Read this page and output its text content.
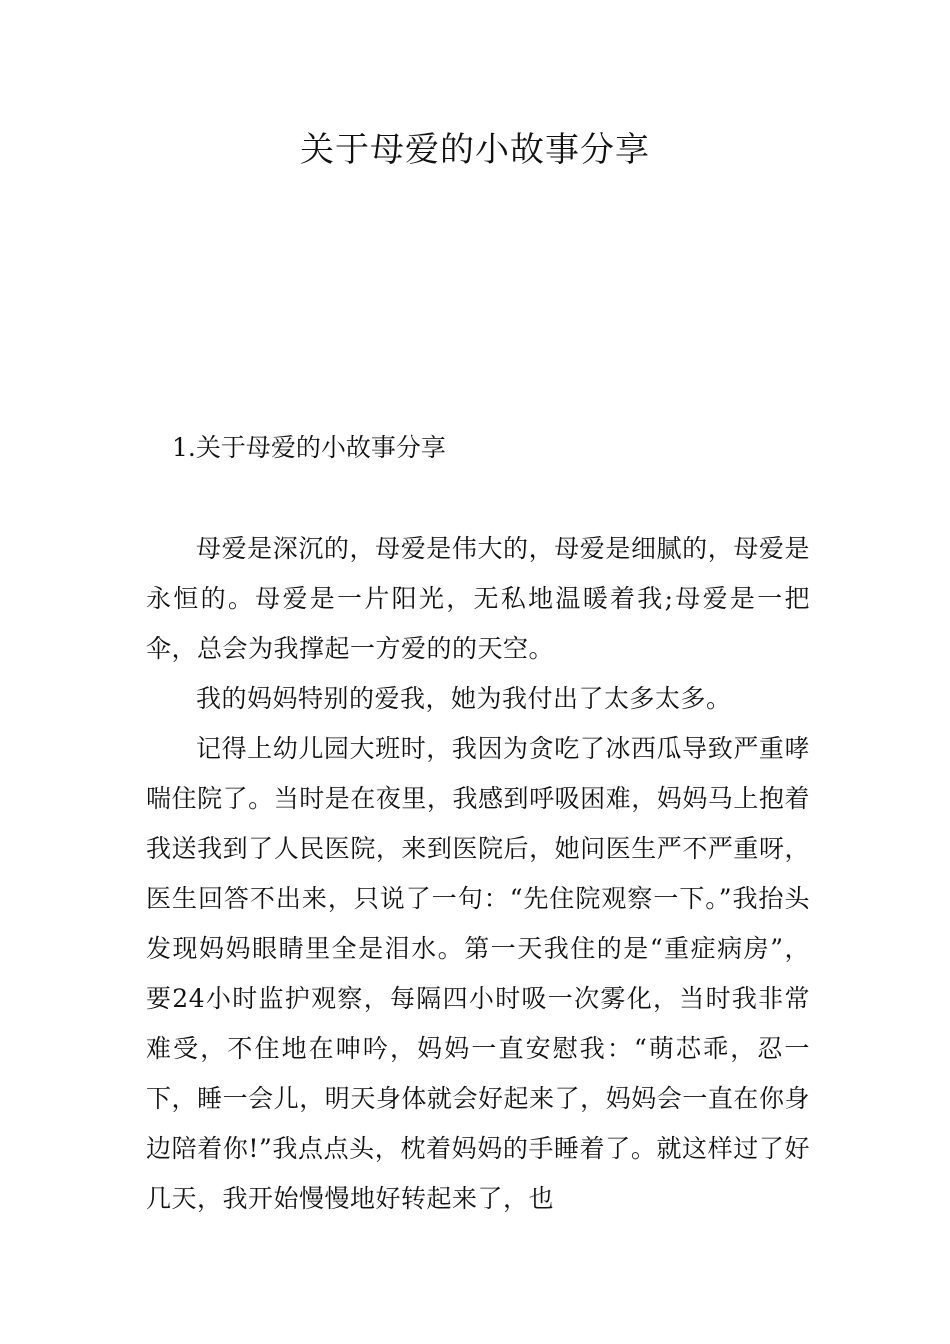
关于母爱的小故事分享
1.关于母爱的小故事分享

母爱是深沉的，母爱是伟大的，母爱是细腻的，母爱是永恒的。母爱是一片阳光，无私地温暖着我;母爱是一把伞，总会为我撑起一方爱的的天空。

我的妈妈特别的爱我，她为我付出了太多太多。

记得上幼儿园大班时，我因为贪吃了冰西瓜导致严重哮喘住院了。当时是在夜里，我感到呼吸困难，妈妈马上抱着我送我到了人民医院，来到医院后，她问医生严不严重呀，医生回答不出来，只说了一句：“先住院观察一下。”我抬头发现妈妈眼睛里全是泪水。第一天我住的是“重症病房”，要24小时监护观察，每隔四小时吸一次雾化，当时我非常难受，不住地在呻吟，妈妈一直安慰我：“萌芯乖，忍一下，睡一会儿，明天身体就会好起来了，妈妈会一直在你身边陪着你!”我点点头，枕着妈妈的手睡着了。就这样过了好几天，我开始慢慢地好转起来了，也
